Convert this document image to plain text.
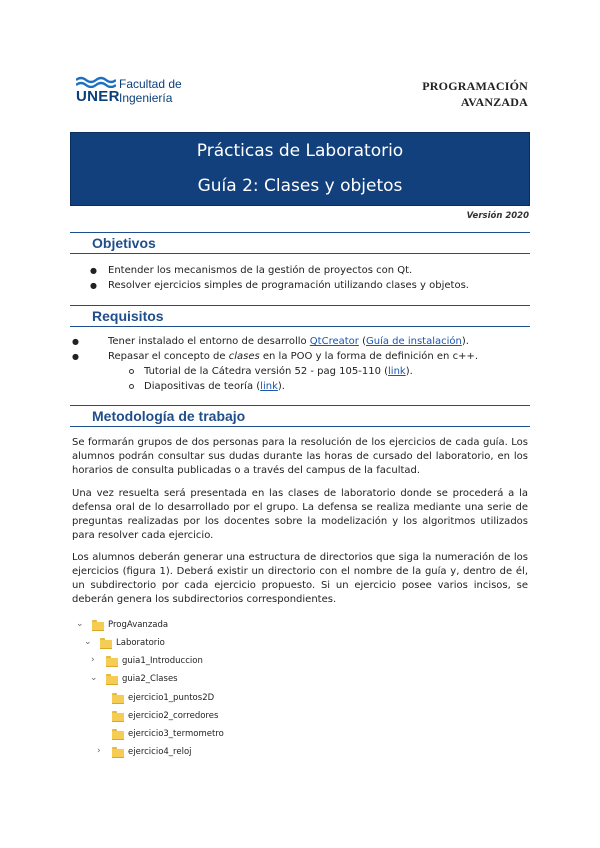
UNER
Facultad de
Ingeniería
PROGRAMACIÓN
AVANZADA
Prácticas de Laboratorio
Guía 2: Clases y objetos
Versión 2020
Objetivos
● Entender los mecanismos de la gestión de proyectos con Qt.
● Resolver ejercicios simples de programación utilizando clases y objetos.
Requisitos
●	Tener instalado el entorno de desarrollo QtCreator (Guía de instalación).
●	Repasar el concepto de clases en la POO y la forma de definición en c++.
Tutorial de la Cátedra versión 52 - pag 105-110 (link).
Diapositivas de teoría (link).
Metodología de trabajo
Se formarán grupos de dos personas para la resolución de los ejercicios de cada guía. Los alumnos podrán consultar sus dudas durante las horas de cursado del laboratorio, en los horarios de consulta publicadas o a través del campus de la facultad.
Una vez resuelta será presentada en las clases de laboratorio donde se procederá a la defensa oral de lo desarrollado por el grupo. La defensa se realiza mediante una serie de preguntas realizadas por los docentes sobre la modelización y los algoritmos utilizados para resolver cada ejercicio.
Los alumnos deberán generar una estructura de directorios que siga la numeración de los ejercicios (figura 1). Deberá existir un directorio con el nombre de la guía y, dentro de él, un subdirectorio por cada ejercicio propuesto. Si un ejercicio posee varios incisos, se deberán genera los subdirectorios correspondientes.
⌄	ProgAvanzada
⌄	Laboratorio
›	guia1_Introduccion
⌄	guia2_Clases
ejercicio1_puntos2D
ejercicio2_corredores
ejercicio3_termometro
›	ejercicio4_reloj
